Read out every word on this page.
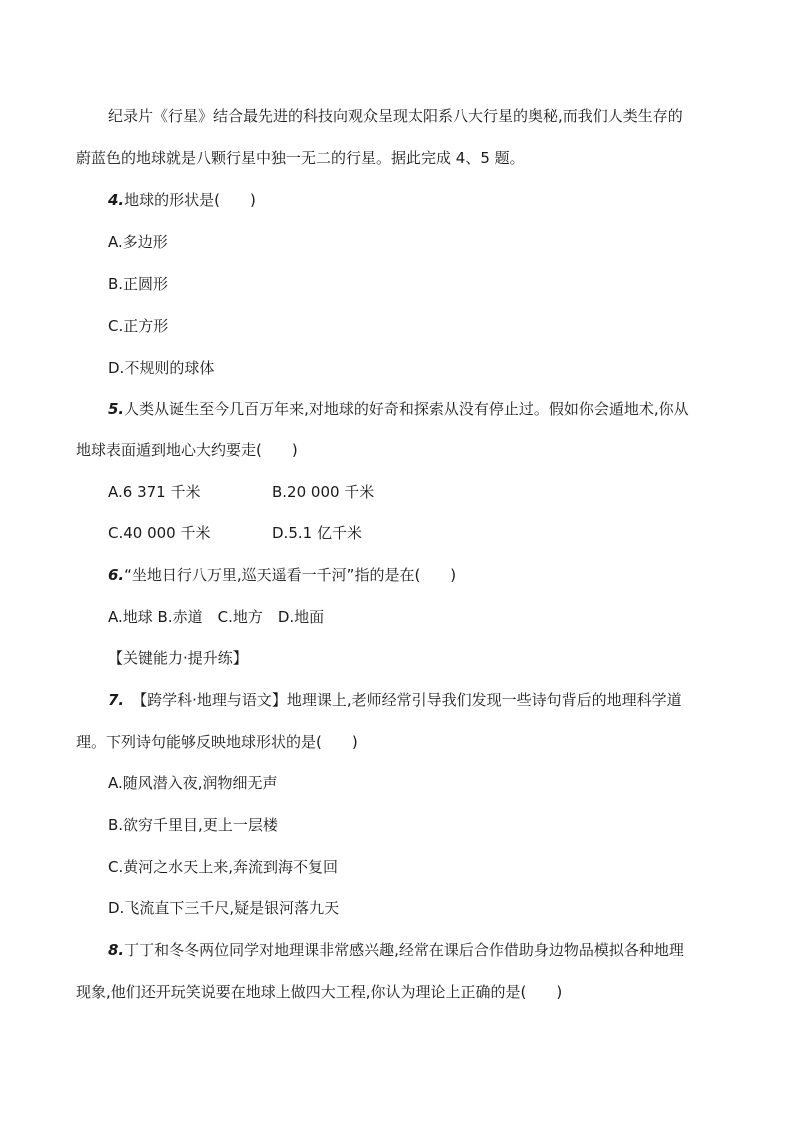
纪录片《行星》结合最先进的科技向观众呈现太阳系八大行星的奥秘,而我们人类生存的
蔚蓝色的地球就是八颗行星中独一无二的行星。据此完成 4、5 题。
4.地球的形状是(　　)
A.多边形
B.正圆形
C.正方形
D.不规则的球体
5.人类从诞生至今几百万年来,对地球的好奇和探索从没有停止过。假如你会遁地术,你从
地球表面遁到地心大约要走(　　)
A.6 371 千米	B.20 000 千米
C.40 000 千米	D.5.1 亿千米
6.“坐地日行八万里,巡天遥看一千河”指的是在(　　)
A.地球 B.赤道　C.地方　D.地面
【关键能力·提升练】
7. 【跨学科·地理与语文】地理课上,老师经常引导我们发现一些诗句背后的地理科学道
理。下列诗句能够反映地球形状的是(　　)
A.随风潜入夜,润物细无声
B.欲穷千里目,更上一层楼
C.黄河之水天上来,奔流到海不复回
D.飞流直下三千尺,疑是银河落九天
8.丁丁和冬冬两位同学对地理课非常感兴趣,经常在课后合作借助身边物品模拟各种地理
现象,他们还开玩笑说要在地球上做四大工程,你认为理论上正确的是(　　)
